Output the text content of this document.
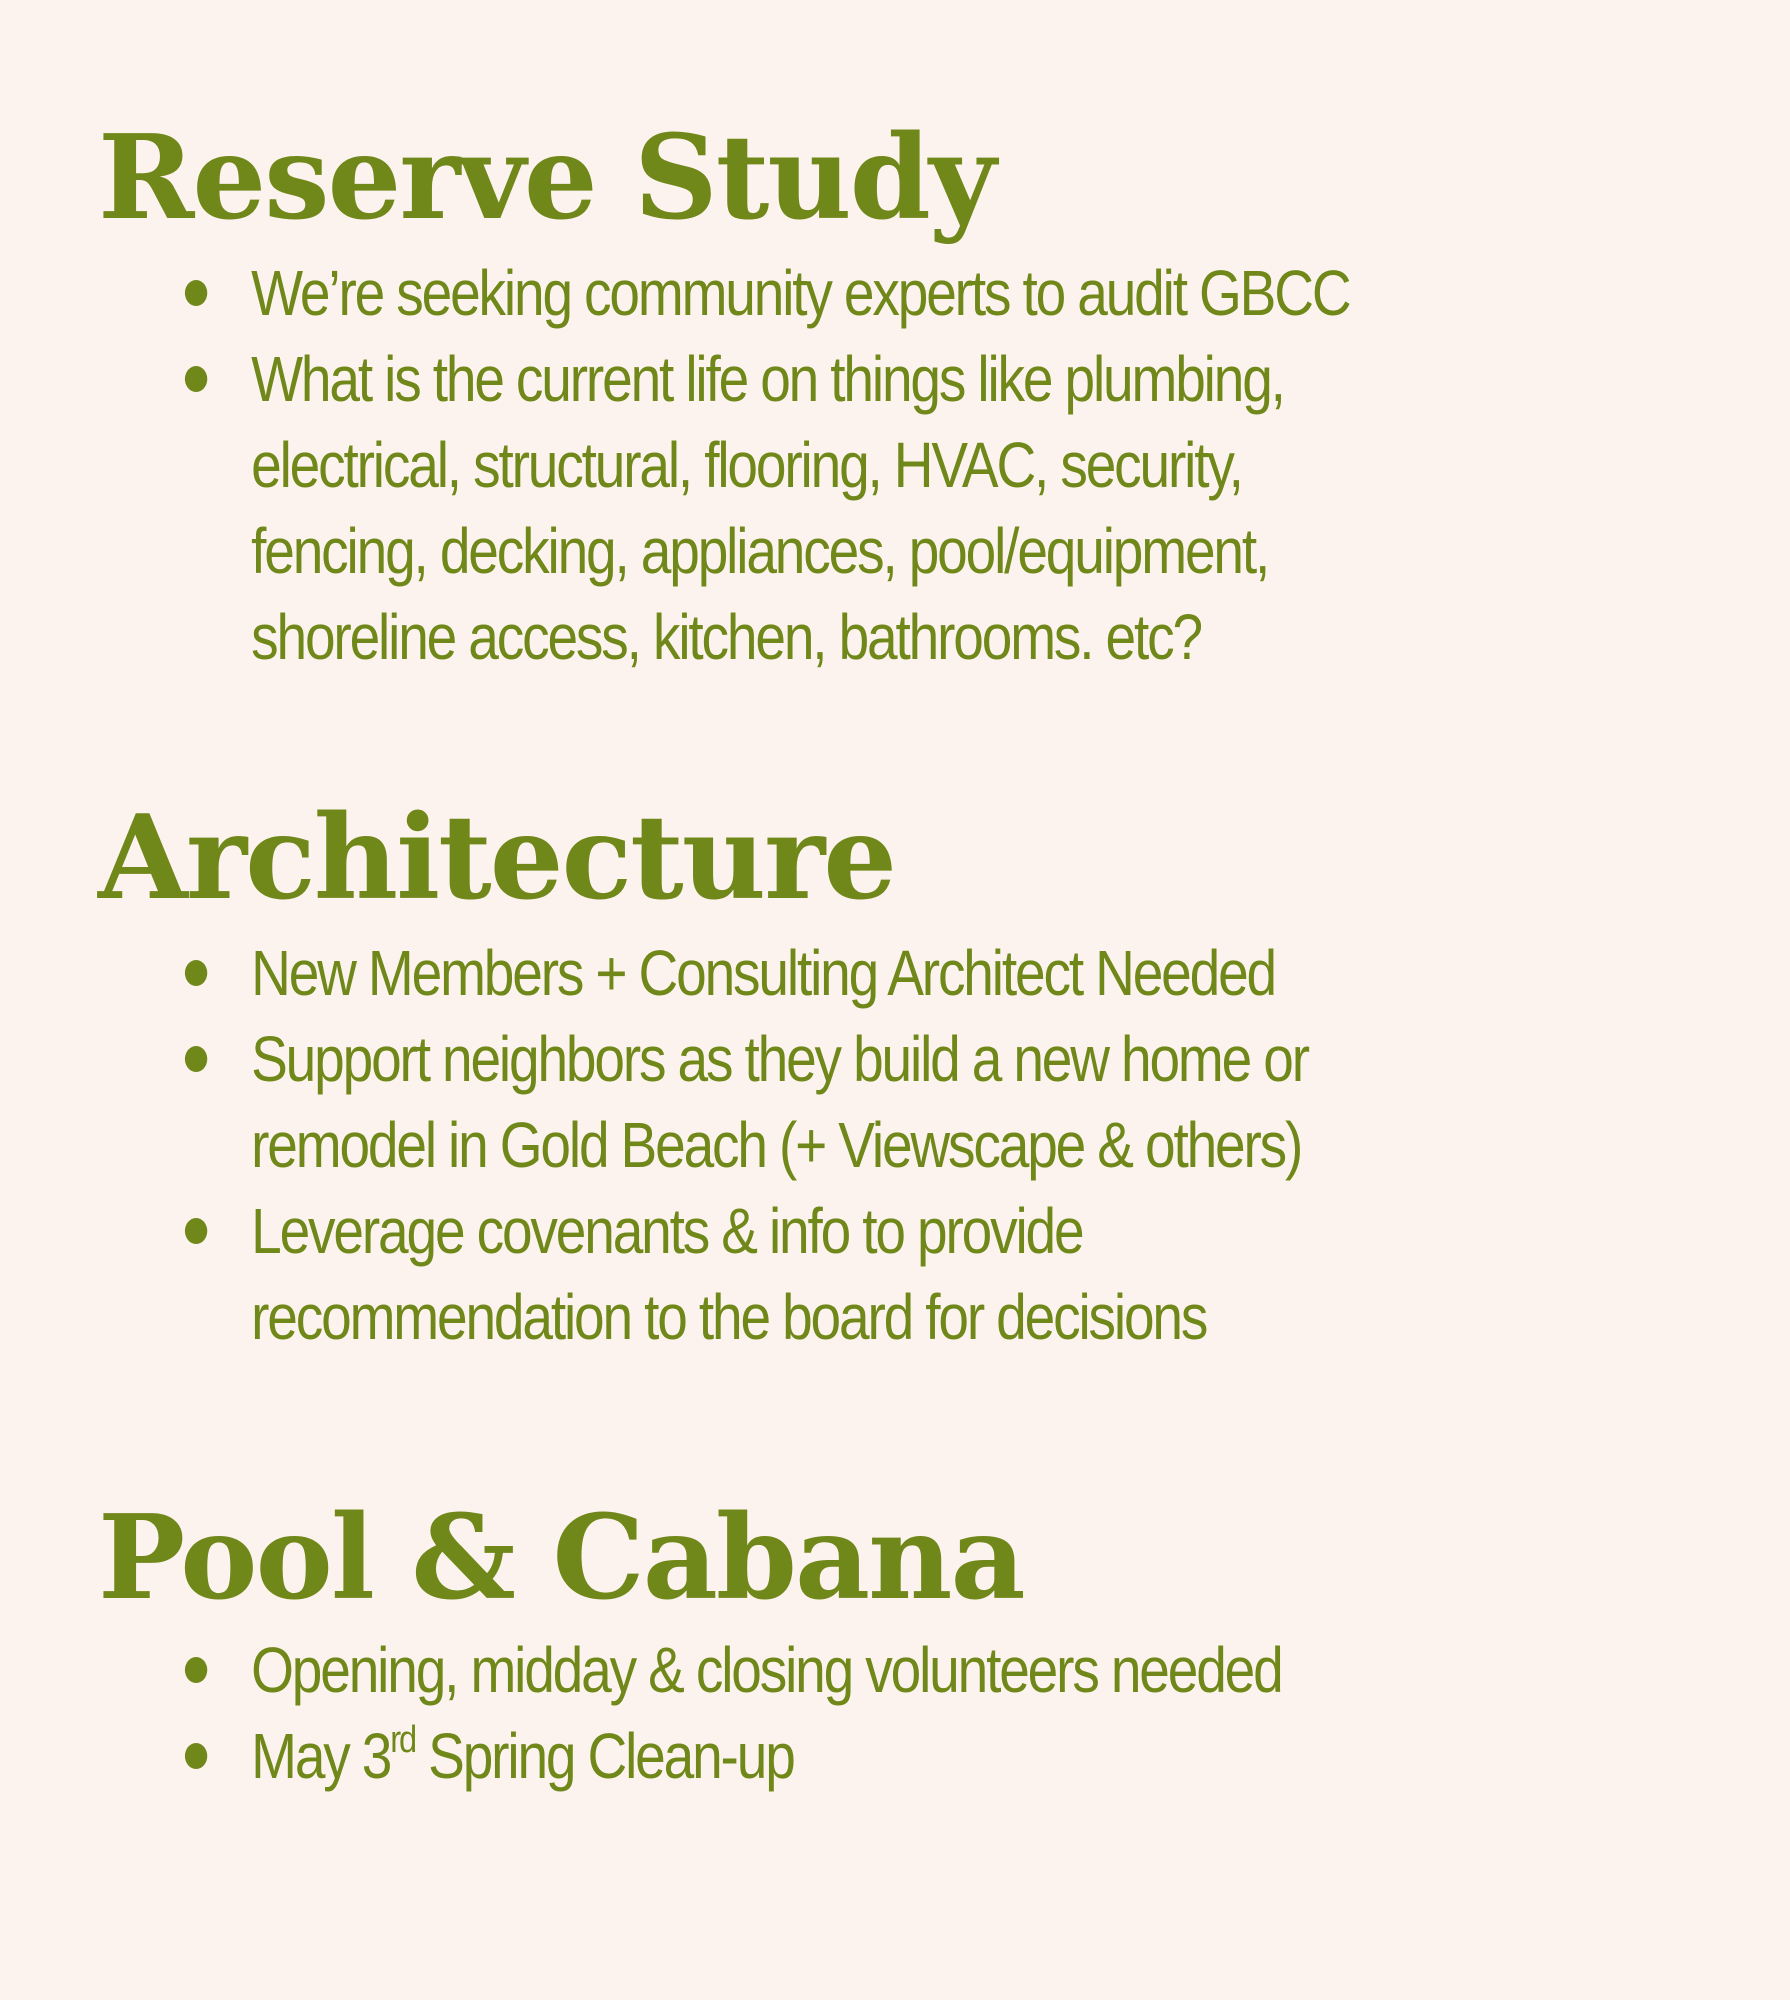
Reserve Study
We’re seeking community experts to audit GBCC
What is the current life on things like plumbing, electrical, structural, flooring, HVAC, security, fencing, decking, appliances, pool/equipment, shoreline access, kitchen, bathrooms. etc?
Architecture
New Members + Consulting Architect Needed
Support neighbors as they build a new home or remodel in Gold Beach (+ Viewscape & others)
Leverage covenants & info to provide recommendation to the board for decisions
Pool & Cabana
Opening, midday & closing volunteers needed
May 3rd Spring Clean-up
